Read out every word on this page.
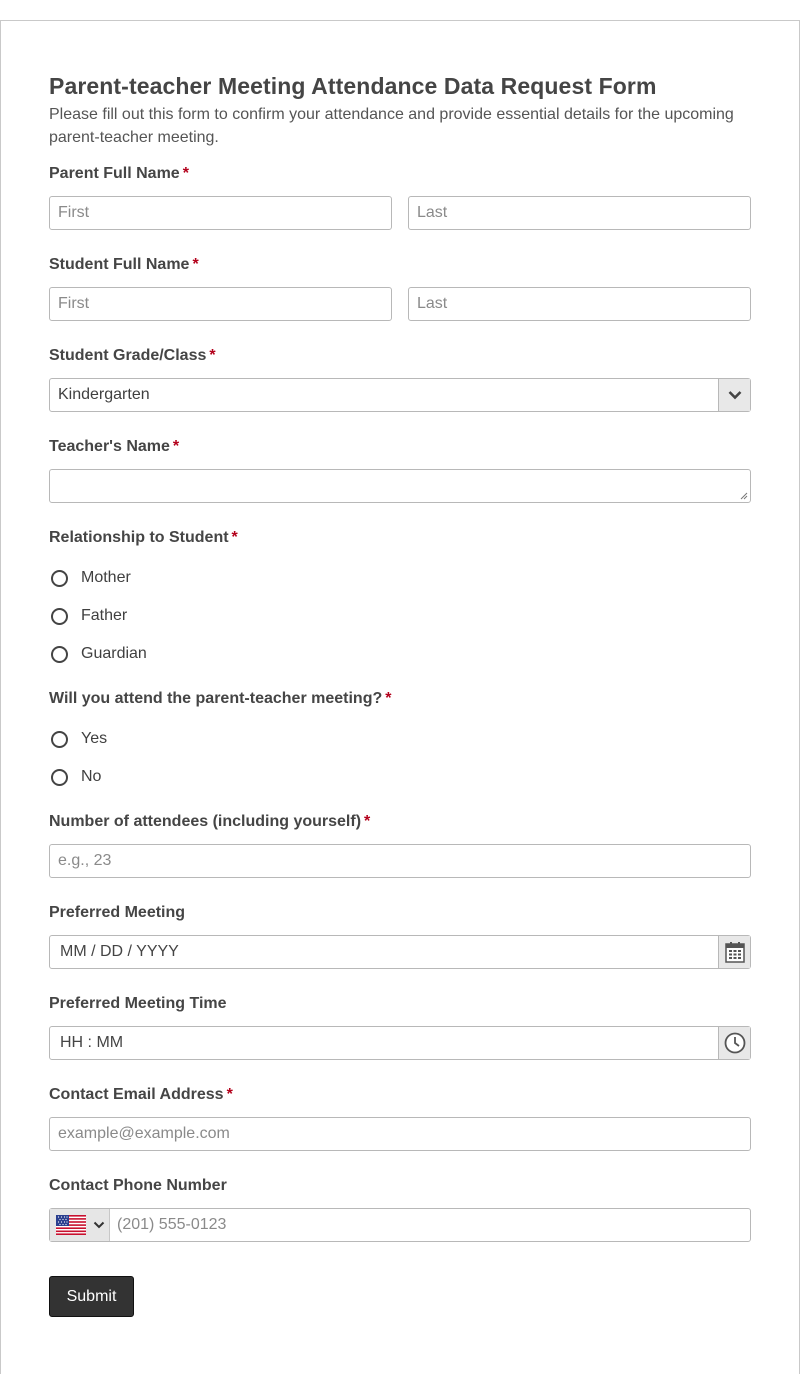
Parent-teacher Meeting Attendance Data Request Form
Please fill out this form to confirm your attendance and provide essential details for the upcoming parent-teacher meeting.
Parent Full Name *
First	Last
Student Full Name *
First	Last
Student Grade/Class *
Kindergarten
Teacher's Name *
Relationship to Student *
Mother
Father
Guardian
Will you attend the parent-teacher meeting? *
Yes
No
Number of attendees (including yourself) *
e.g., 23
Preferred Meeting
MM / DD / YYYY
Preferred Meeting Time
HH : MM
Contact Email Address *
example@example.com
Contact Phone Number
(201) 555-0123
Submit
